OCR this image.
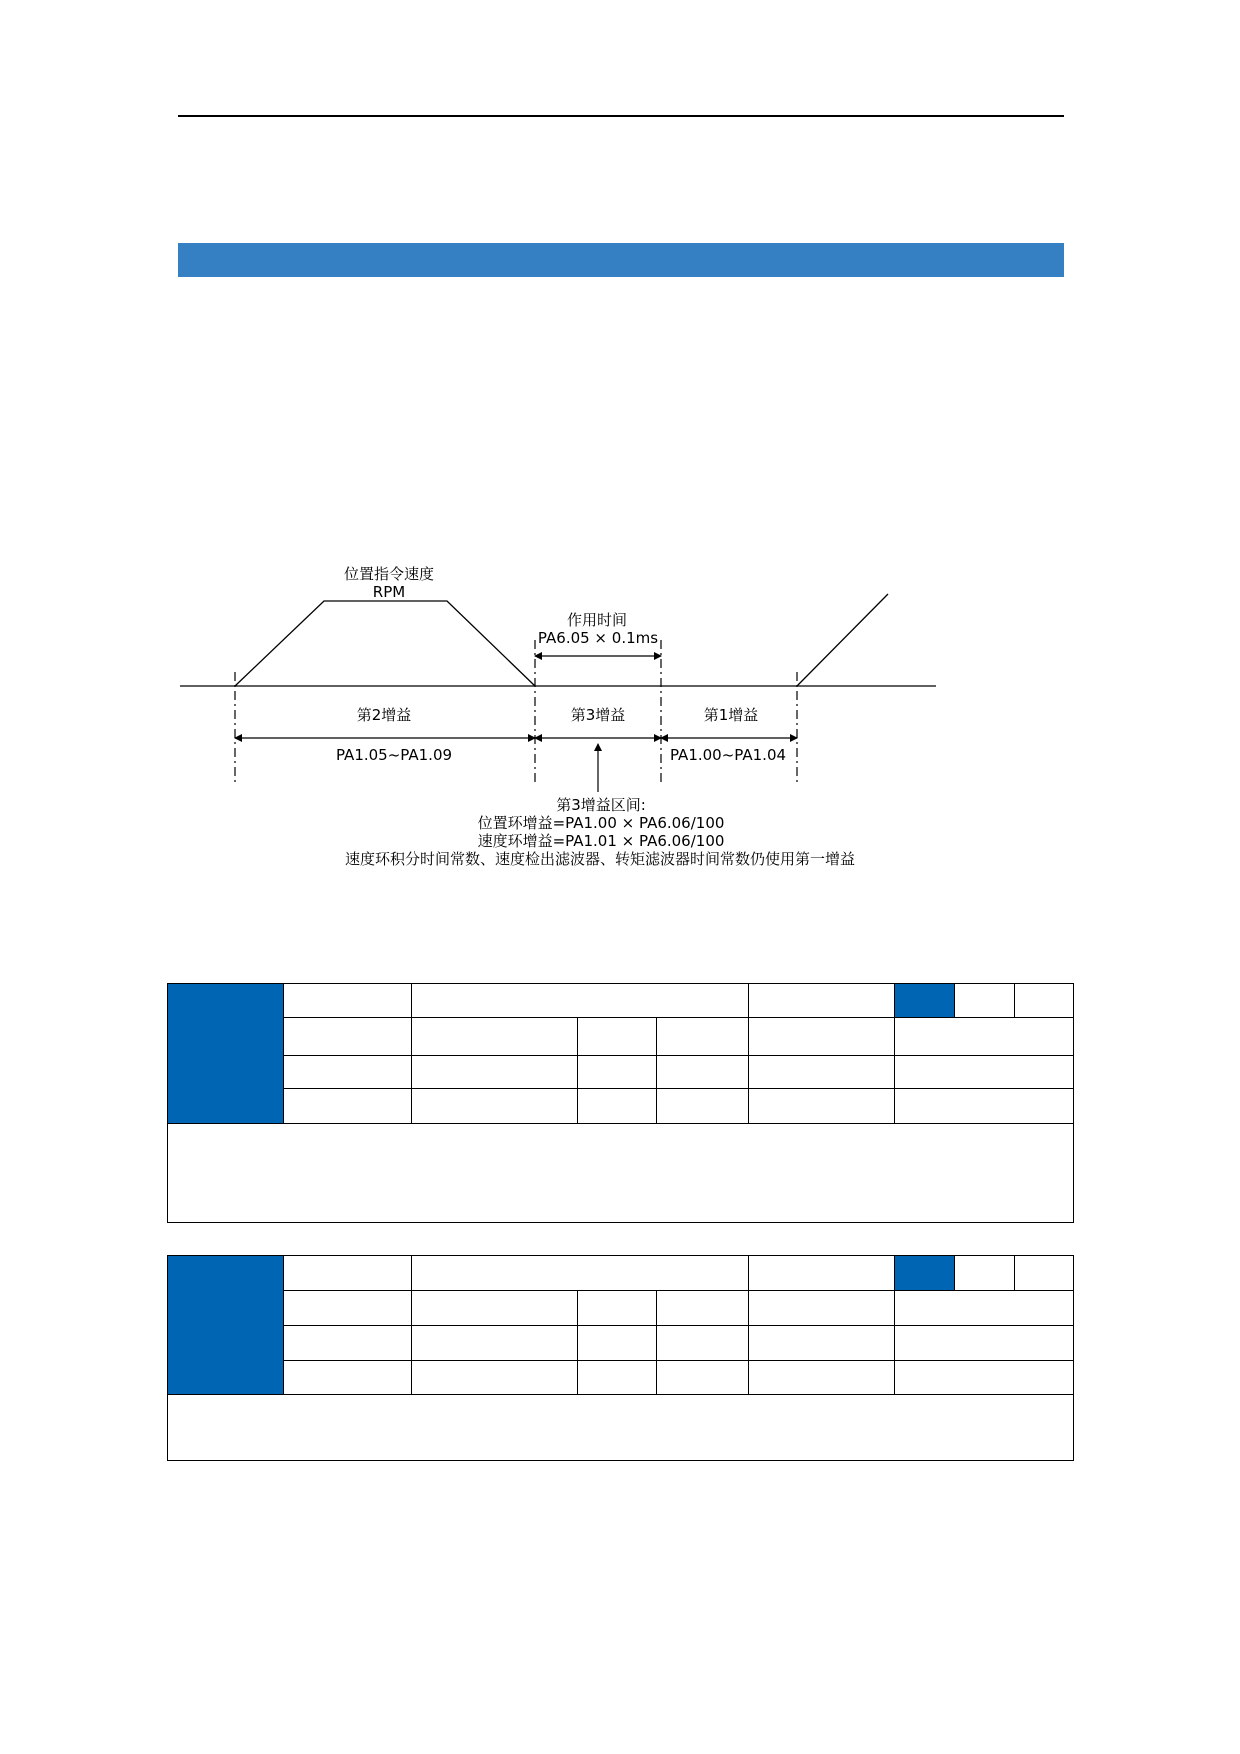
位置指令速度
RPM
作用时间
PA6.05 × 0.1ms
第2增益	第3增益	第1增益
PA1.05~PA1.09	PA1.00~PA1.04
第3增益区间:
位置环增益=PA1.00 × PA6.06/100
速度环增益=PA1.01 × PA6.06/100
速度环积分时间常数、速度检出滤波器、转矩滤波器时间常数仍使用第一增益
